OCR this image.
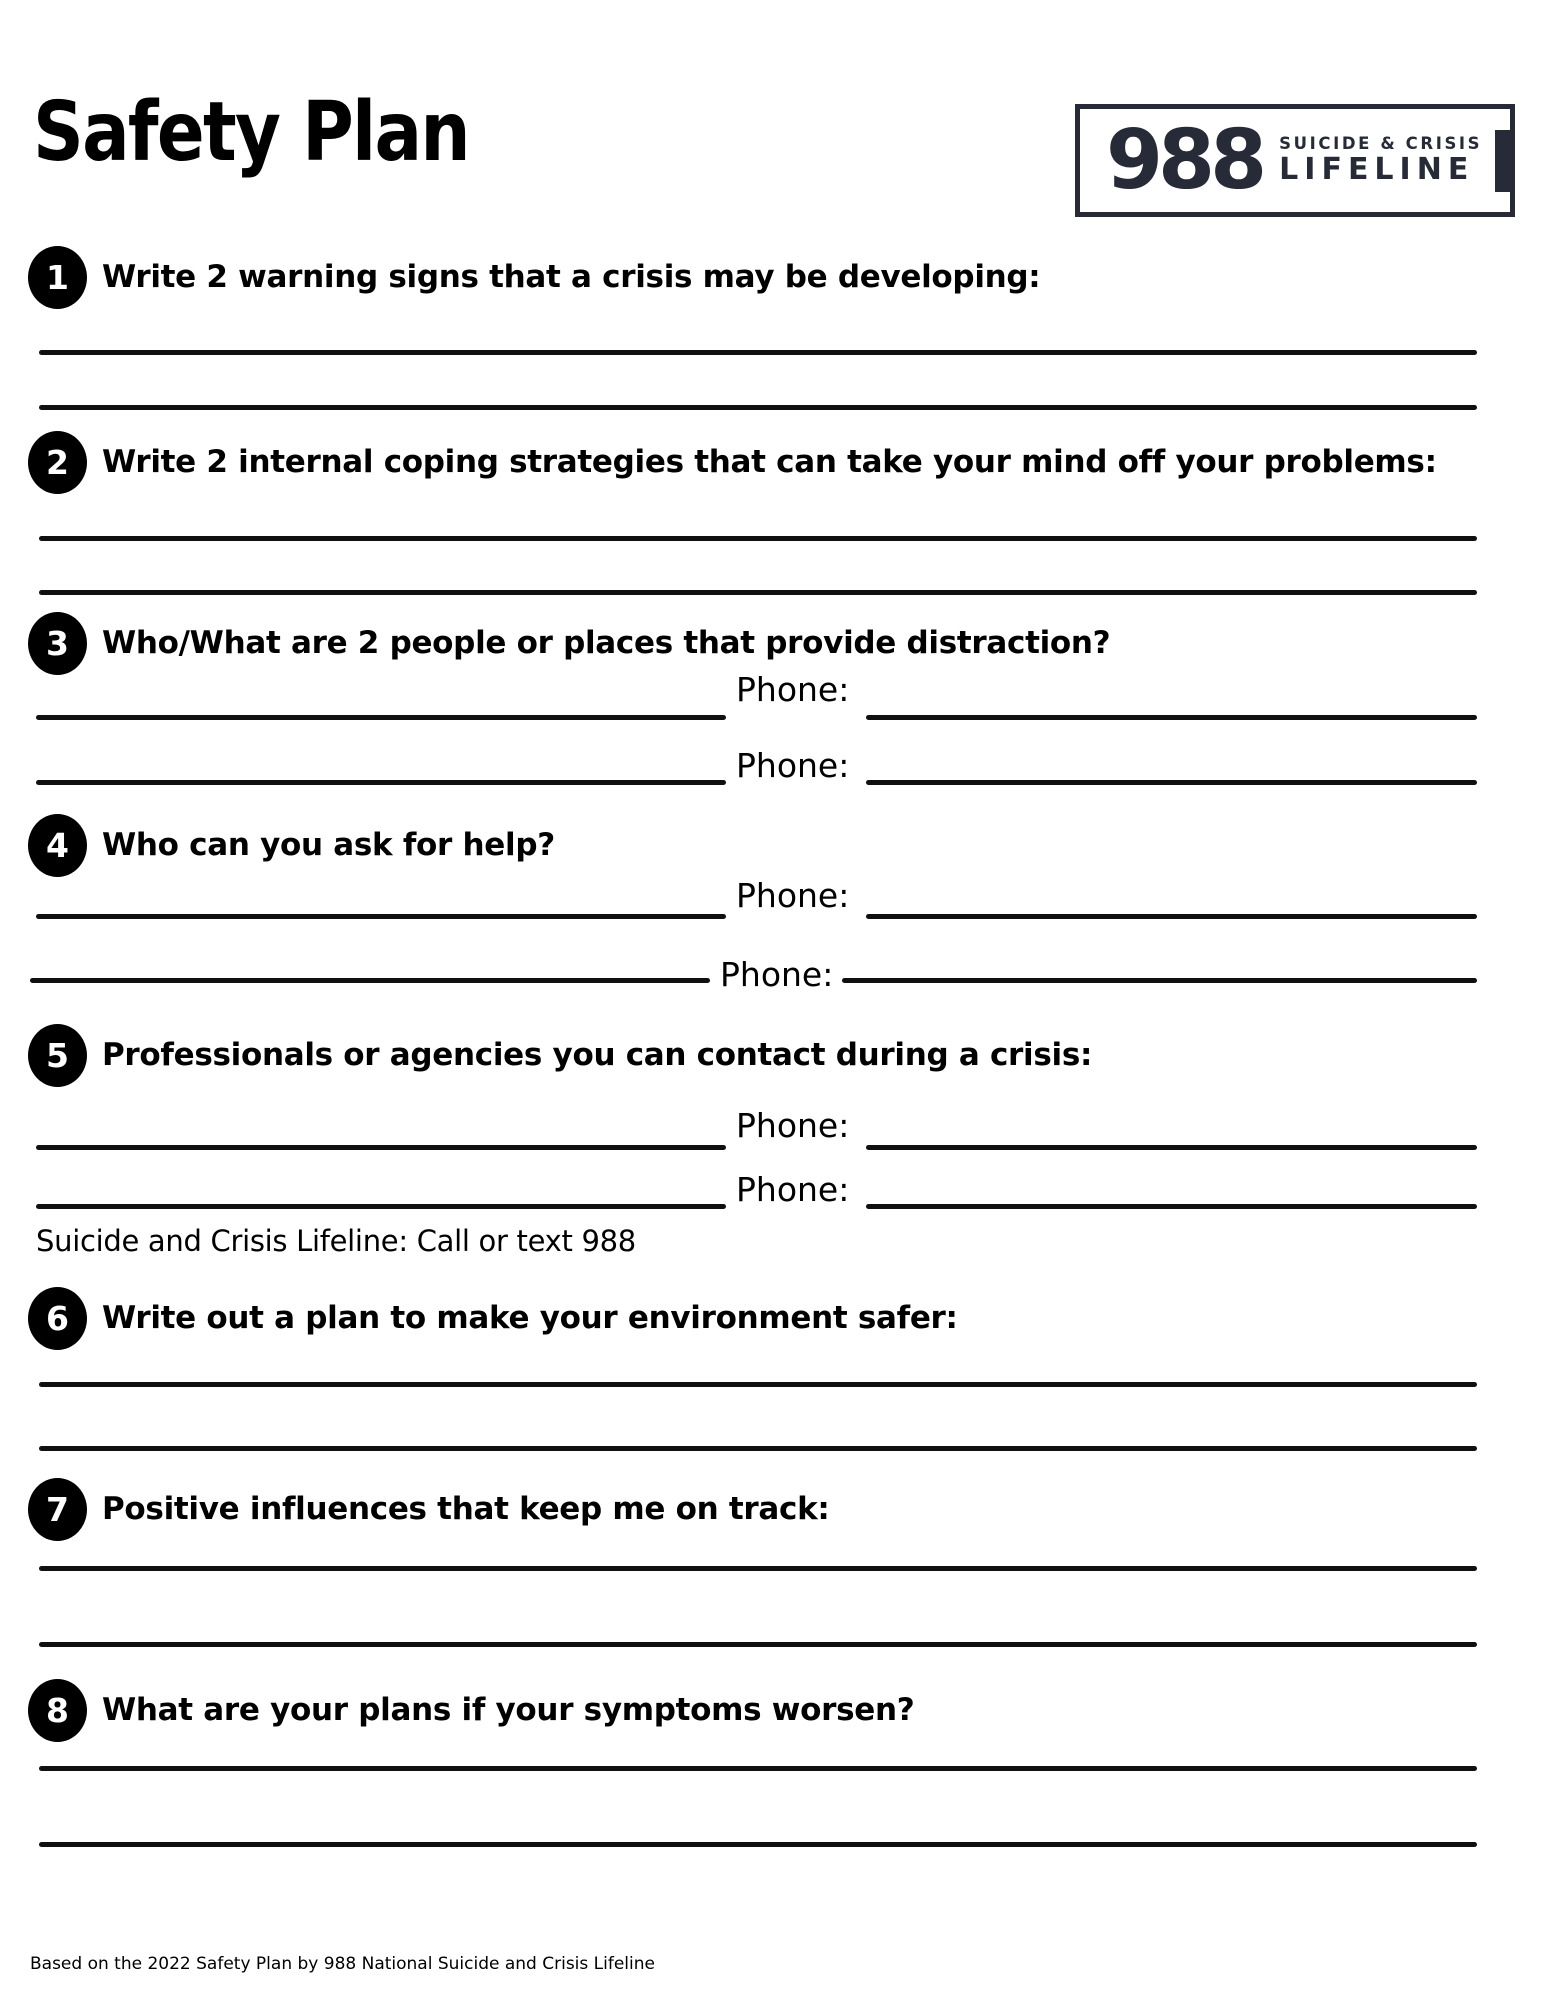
Safety Plan	988 SUICIDE & CRISIS
LIFELINE
1 Write 2 warning signs that a crisis may be developing:
2 Write 2 internal coping strategies that can take your mind off your problems:
3 Who/What are 2 people or places that provide distraction?
Phone:
Phone:
4 Who can you ask for help?
Phone:
Phone:
5 Professionals or agencies you can contact during a crisis:
Phone:
Phone:
Suicide and Crisis Lifeline: Call or text 988
6 Write out a plan to make your environment safer:
7 Positive influences that keep me on track:
8 What are your plans if your symptoms worsen?
Based on the 2022 Safety Plan by 988 National Suicide and Crisis Lifeline
